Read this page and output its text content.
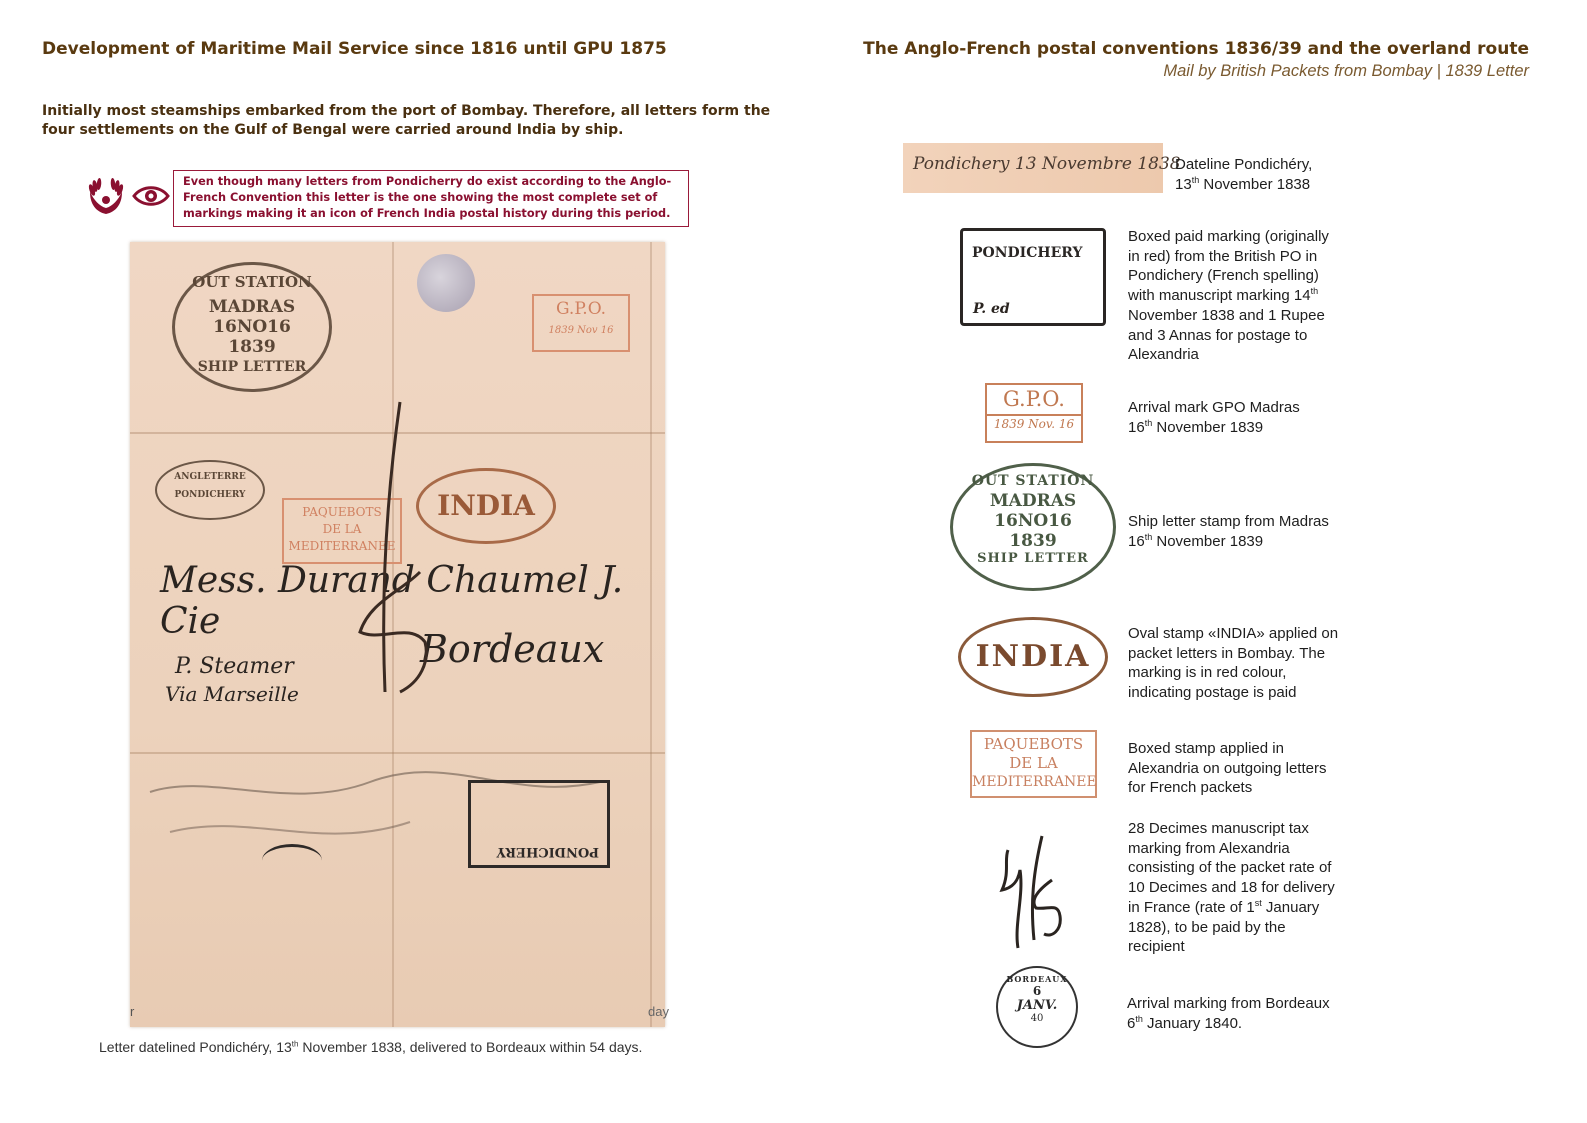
Development of Maritime Mail Service since 1816 until GPU 1875
Initially most steamships embarked from the port of Bombay. Therefore, all letters form the
four settlements on the Gulf of Bengal were carried around India by ship.
Even though many letters from Pondicherry do exist according to the Anglo-
French Convention this letter is the one showing the most complete set of
markings making it an icon of French India postal history during this period.
OUT STATION
MADRAS
16NO16
1839
SHIP LETTER
G.P.O.
1839 Nov 16
ANGLETERRE
PONDICHERY
PAQUEBOTS
DE LA
MEDITERRANEE
INDIA
Mess. Durand Chaumel J. Cie
Bordeaux
P. Steamer
Via Marseille
PONDICHERY
r	day
Letter datelined Pondichéry, 13th November 1838, delivered to Bordeaux within 54 days.
The Anglo-French postal conventions 1836/39 and the overland route
Mail by British Packets from Bombay | 1839 Letter
Pondichery 13 Novembre 1838
Dateline Pondichéry,
13th November 1838
PONDICHERY
P. ed
Boxed paid marking (originally
in red) from the British PO in
Pondichery (French spelling)
with manuscript marking 14th
November 1838 and 1 Rupee
and 3 Annas for postage to
Alexandria
G.P.O.
1839 Nov. 16
Arrival mark GPO Madras
16th November 1839
OUT STATION
MADRAS
16NO16
1839
SHIP LETTER
Ship letter stamp from Madras
16th November 1839
INDIA
Oval stamp «INDIA» applied on
packet letters in Bombay. The
marking is in red colour,
indicating postage is paid
PAQUEBOTS
DE LA
MEDITERRANEE
Boxed stamp applied in
Alexandria on outgoing letters
for French packets
28 Decimes manuscript tax
marking from Alexandria
consisting of the packet rate of
10 Decimes and 18 for delivery
in France (rate of 1st January
1828), to be paid by the
recipient
BORDEAUX
6
JANV.
40
Arrival marking from Bordeaux
6th January 1840.
